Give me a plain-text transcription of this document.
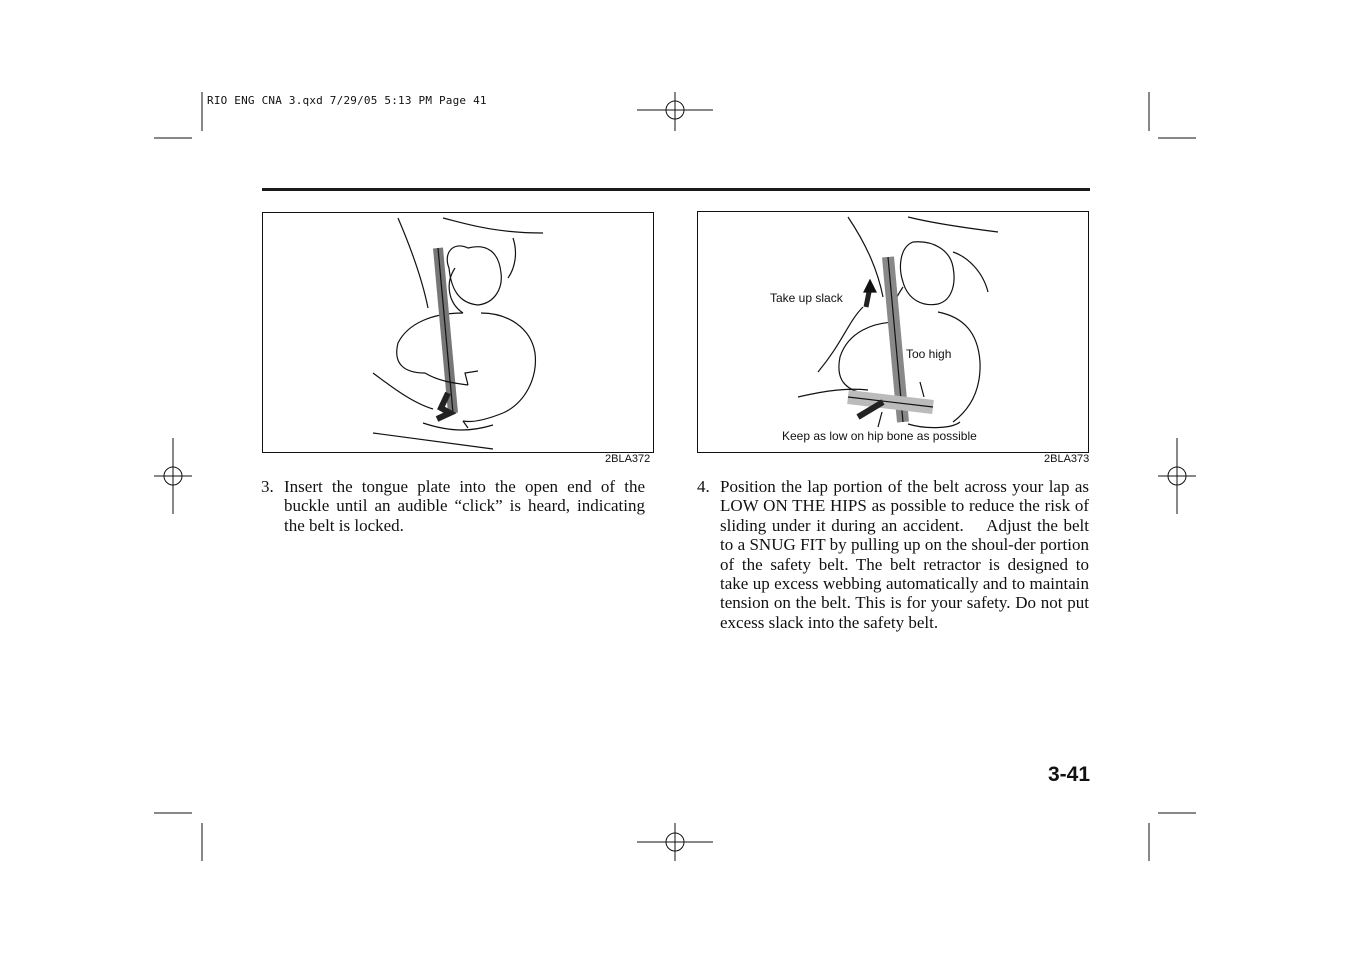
RIO ENG CNA 3.qxd 7/29/05 5:13 PM Page 41
2BLA372
Take up slack
Too high
Keep as low on hip bone as possible
2BLA373
3. Insert the tongue plate into the open end of the buckle until an audible “click” is heard, indicating the belt is locked.
4. Position the lap portion of the belt across your lap as LOW ON THE HIPS as possible to reduce the risk of sliding under it during an accident.    Adjust the belt to a SNUG FIT by pulling up on the shoul-der portion of the safety belt. The belt retractor is designed to take up excess webbing automatically and to maintain tension on the belt. This is for your safety. Do not put excess slack into the safety belt.
3-41
